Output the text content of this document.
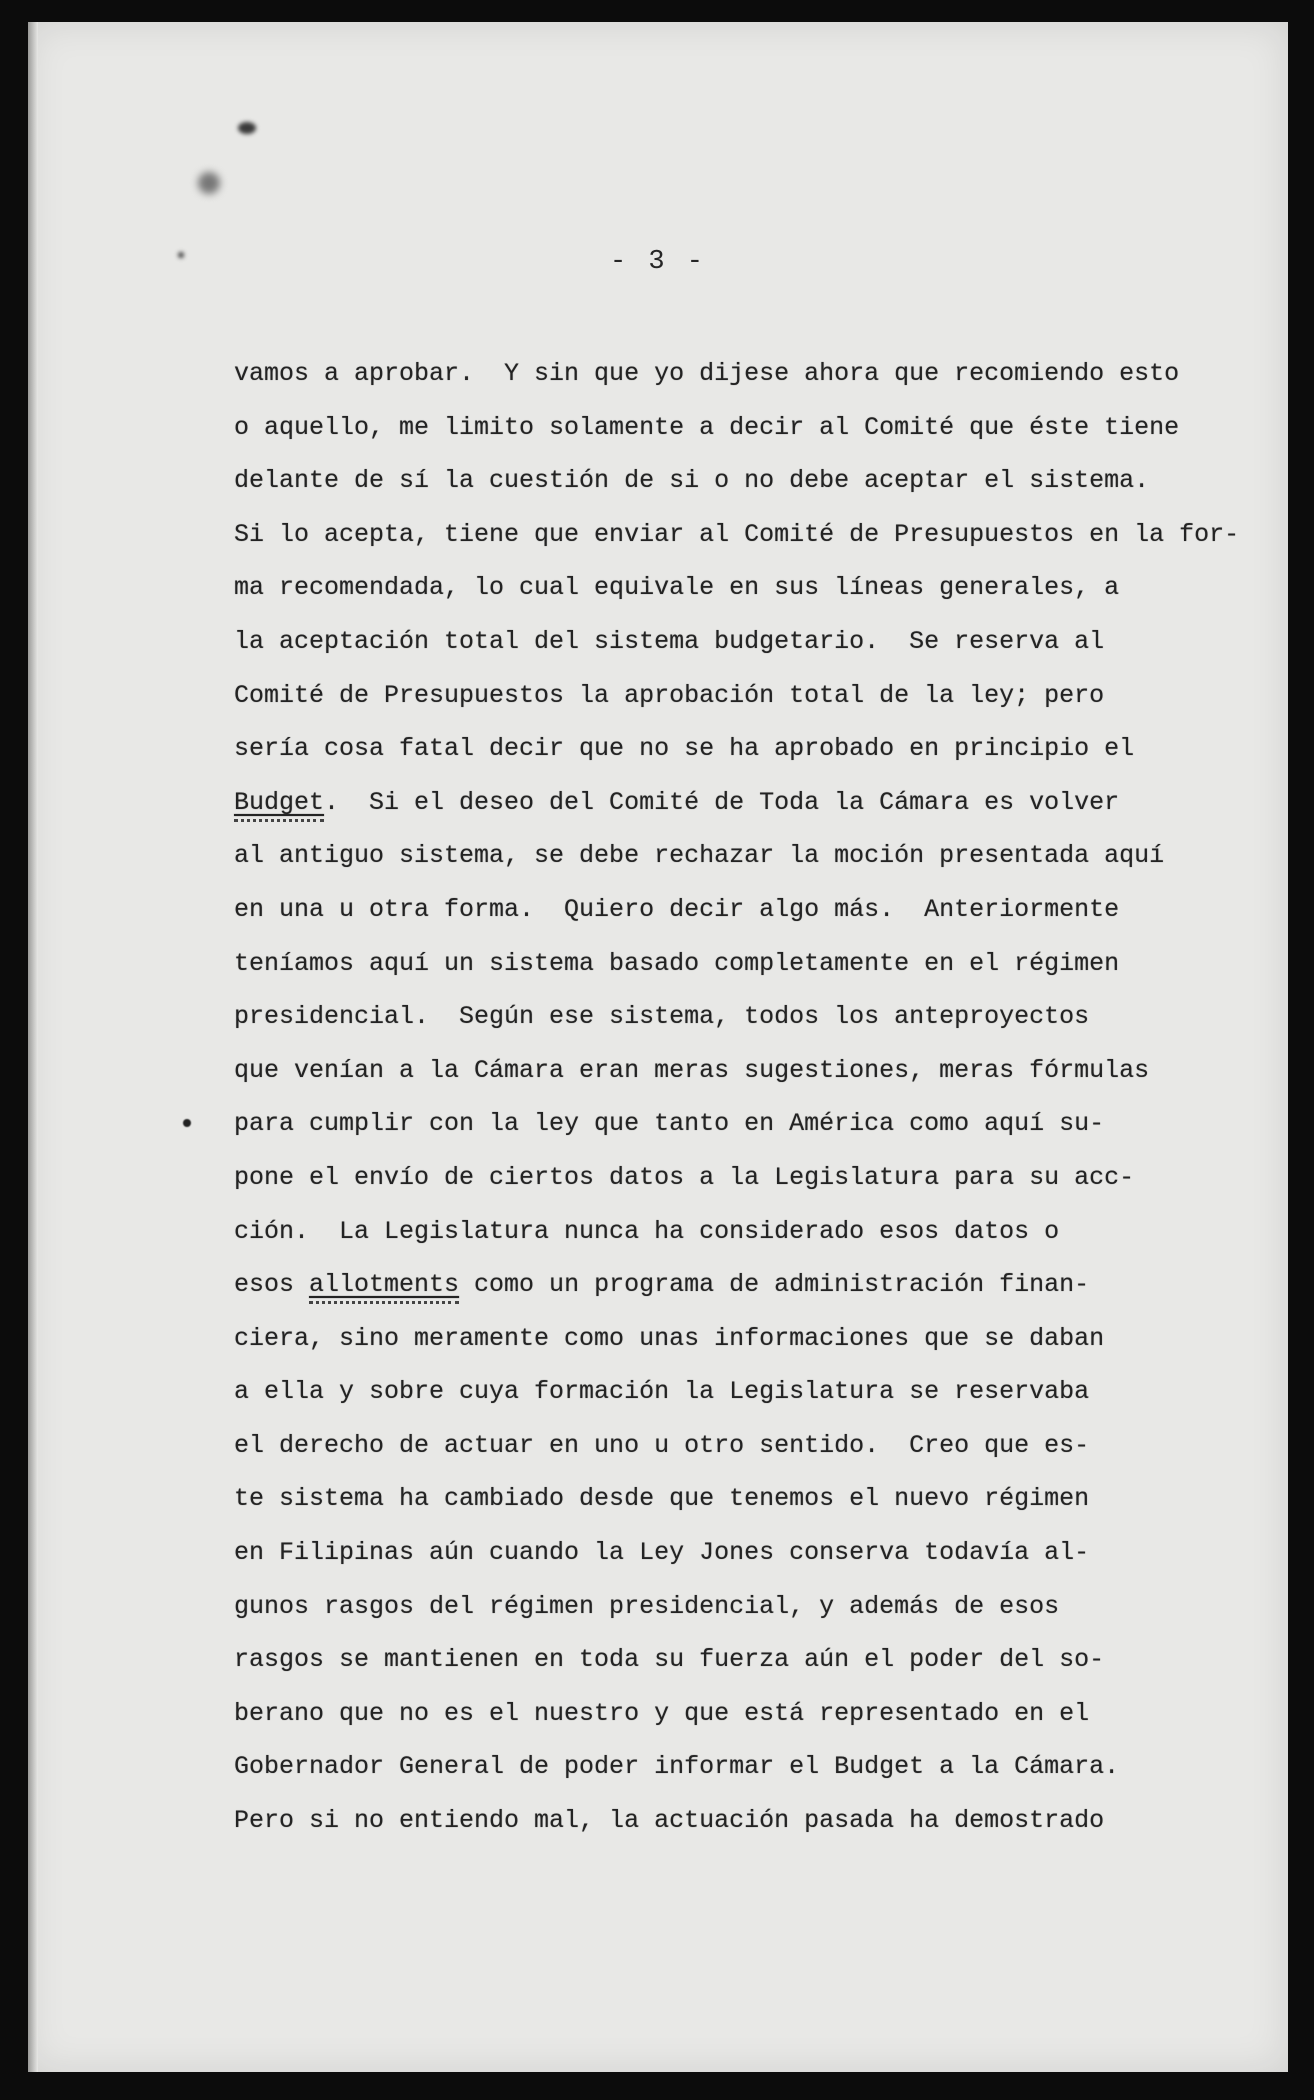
- 3 -
vamos a aprobar.  Y sin que yo dijese ahora que recomiendo esto
o aquello, me limito solamente a decir al Comité que éste tiene
delante de sí la cuestión de si o no debe aceptar el sistema.
Si lo acepta, tiene que enviar al Comité de Presupuestos en la for-
ma recomendada, lo cual equivale en sus líneas generales, a
la aceptación total del sistema budgetario.  Se reserva al
Comité de Presupuestos la aprobación total de la ley; pero
sería cosa fatal decir que no se ha aprobado en principio el
Budget.  Si el deseo del Comité de Toda la Cámara es volver
al antiguo sistema, se debe rechazar la moción presentada aquí
en una u otra forma.  Quiero decir algo más.  Anteriormente
teníamos aquí un sistema basado completamente en el régimen
presidencial.  Según ese sistema, todos los anteproyectos
que venían a la Cámara eran meras sugestiones, meras fórmulas
para cumplir con la ley que tanto en América como aquí su-
pone el envío de ciertos datos a la Legislatura para su acc-
ción.  La Legislatura nunca ha considerado esos datos o
esos allotments como un programa de administración finan-
ciera, sino meramente como unas informaciones que se daban
a ella y sobre cuya formación la Legislatura se reservaba
el derecho de actuar en uno u otro sentido.  Creo que es-
te sistema ha cambiado desde que tenemos el nuevo régimen
en Filipinas aún cuando la Ley Jones conserva todavía al-
gunos rasgos del régimen presidencial, y además de esos
rasgos se mantienen en toda su fuerza aún el poder del so-
berano que no es el nuestro y que está representado en el
Gobernador General de poder informar el Budget a la Cámara.
Pero si no entiendo mal, la actuación pasada ha demostrado
